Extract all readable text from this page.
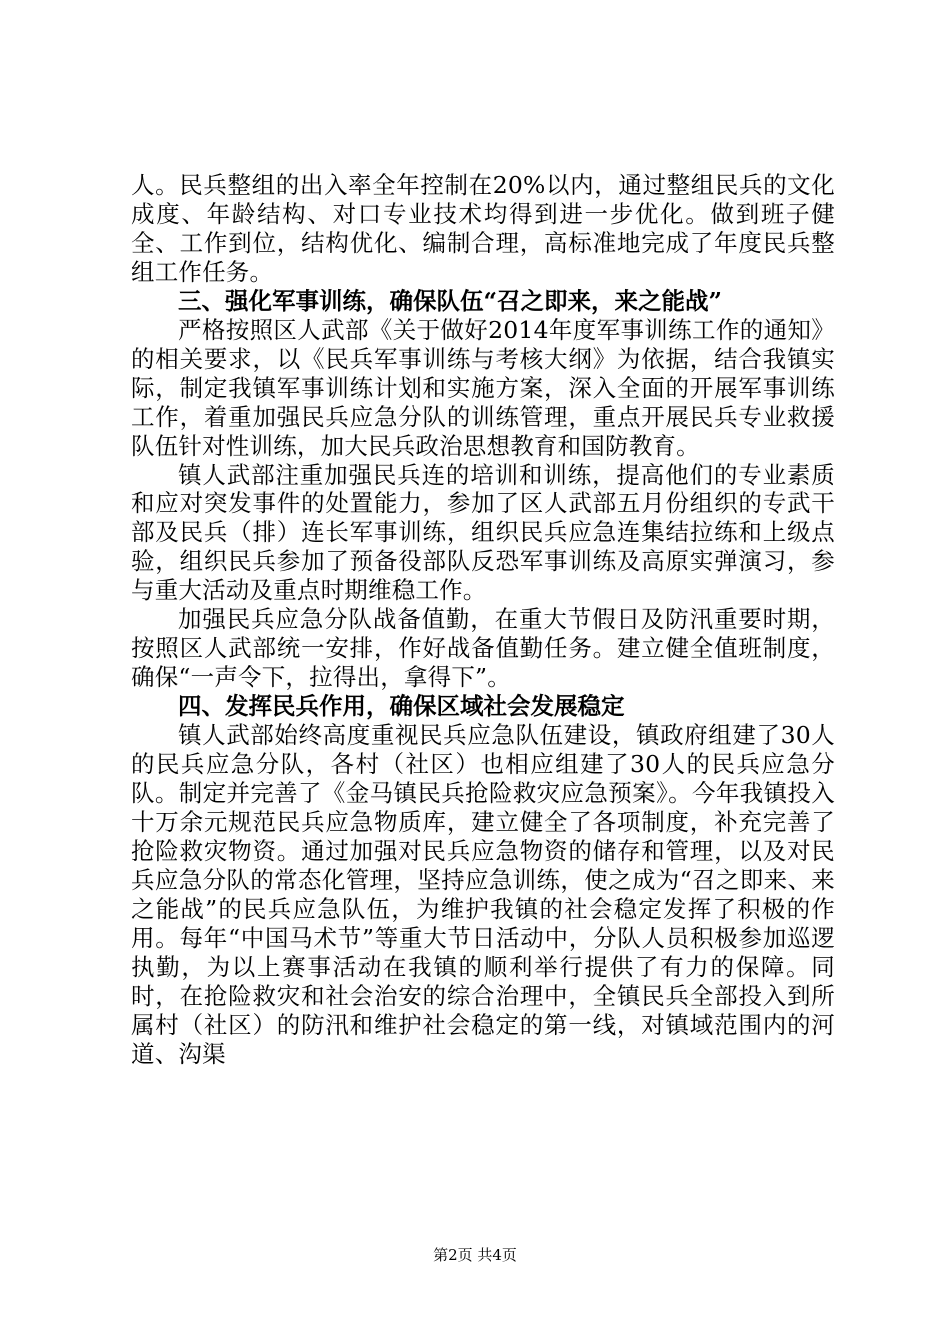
人。民兵整组的出入率全年控制在20%以内，通过整组民兵的文化成度、年龄结构、对口专业技术均得到进一步优化。做到班子健全、工作到位，结构优化、编制合理，高标准地完成了年度民兵整组工作任务。

三、强化军事训练，确保队伍“召之即来，来之能战”

严格按照区人武部《关于做好2014年度军事训练工作的通知》的相关要求，以《民兵军事训练与考核大纲》为依据，结合我镇实际，制定我镇军事训练计划和实施方案，深入全面的开展军事训练工作，着重加强民兵应急分队的训练管理，重点开展民兵专业救援队伍针对性训练，加大民兵政治思想教育和国防教育。

镇人武部注重加强民兵连的培训和训练，提高他们的专业素质和应对突发事件的处置能力，参加了区人武部五月份组织的专武干部及民兵（排）连长军事训练，组织民兵应急连集结拉练和上级点验，组织民兵参加了预备役部队反恐军事训练及高原实弹演习，参与重大活动及重点时期维稳工作。

加强民兵应急分队战备值勤，在重大节假日及防汛重要时期，按照区人武部统一安排，作好战备值勤任务。建立健全值班制度，确保“一声令下，拉得出，拿得下”。

四、发挥民兵作用，确保区域社会发展稳定

镇人武部始终高度重视民兵应急队伍建设，镇政府组建了30人的民兵应急分队，各村（社区）也相应组建了30人的民兵应急分队。制定并完善了《金马镇民兵抢险救灾应急预案》。今年我镇投入十万余元规范民兵应急物质库，建立健全了各项制度，补充完善了抢险救灾物资。通过加强对民兵应急物资的储存和管理，以及对民兵应急分队的常态化管理，坚持应急训练，使之成为“召之即来、来之能战”的民兵应急队伍，为维护我镇的社会稳定发挥了积极的作用。每年“中国马术节”等重大节日活动中，分队人员积极参加巡逻执勤，为以上赛事活动在我镇的顺利举行提供了有力的保障。同时，在抢险救灾和社会治安的综合治理中，全镇民兵全部投入到所属村（社区）的防汛和维护社会稳定的第一线，对镇域范围内的河道、沟渠

第2页 共4页
